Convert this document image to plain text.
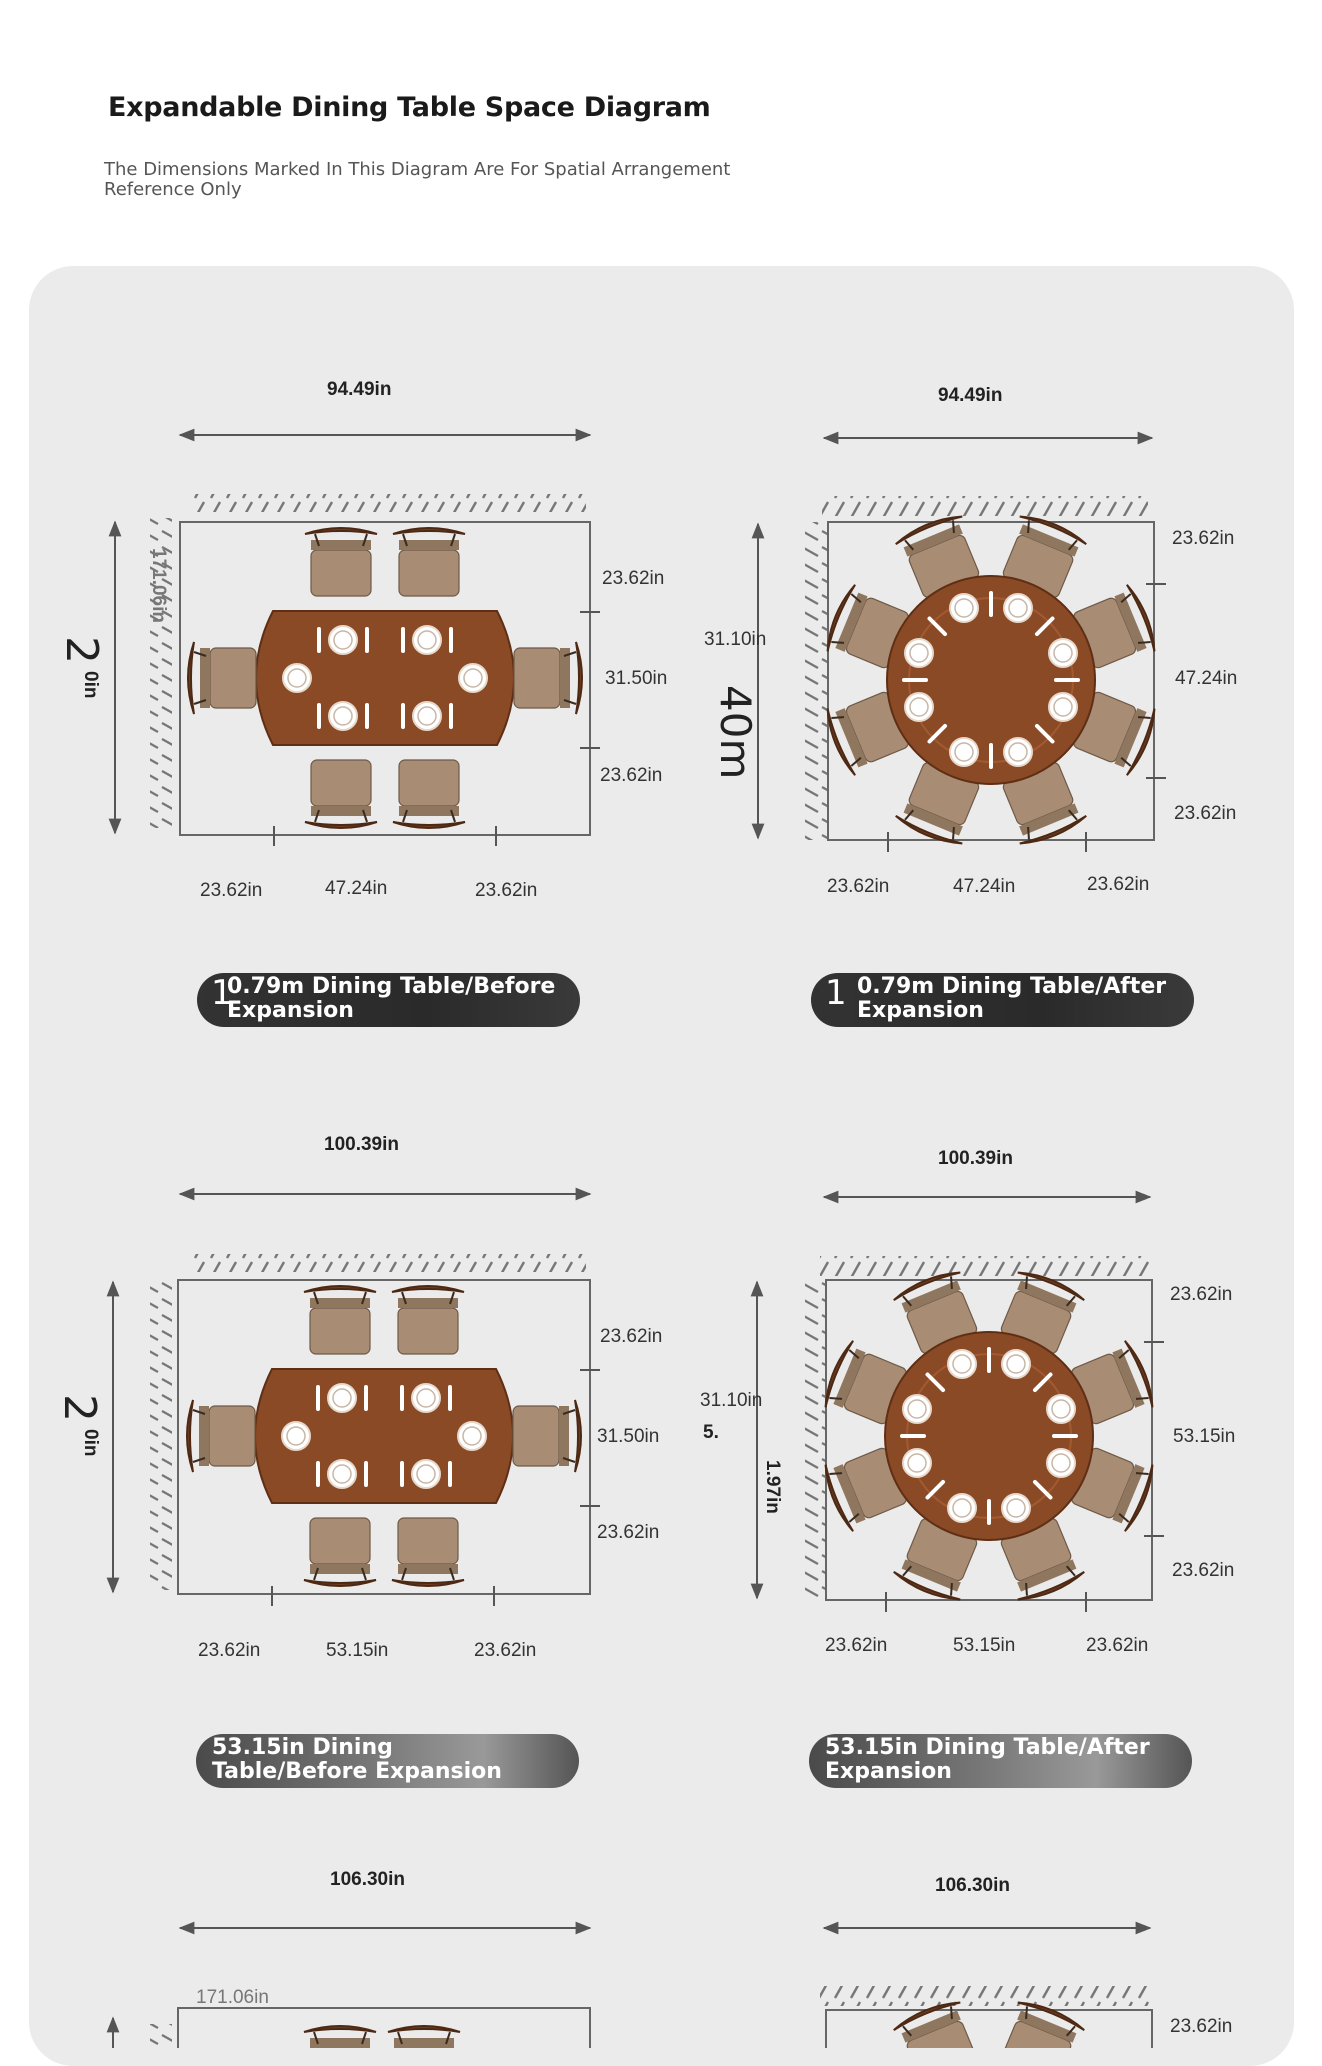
Expandable Dining Table Space Diagram
The Dimensions Marked In This Diagram Are For Spatial Arrangement Reference Only
94.49in
2
0in
171.06in	23.62in
31.50in
23.62in
23.62in	47.24in	23.62in
94.49in
31.10in
40m
23.62in
47.24in
23.62in
23.62in	47.24in	23.62in
100.39in
2
0in
23.62in
31.50in
23.62in
23.62in	53.15in	23.62in
100.39in
31.10in
5.
1.97in
23.62in
53.15in
23.62in
23.62in	53.15in	23.62in
106.30in
171.06in
106.30in
23.62in
1
0.79m Dining Table/Before Expansion	1 0.79m Dining Table/After Expansion
53.15in Dining Table/Before Expansion
53.15in Dining Table/After Expansion
